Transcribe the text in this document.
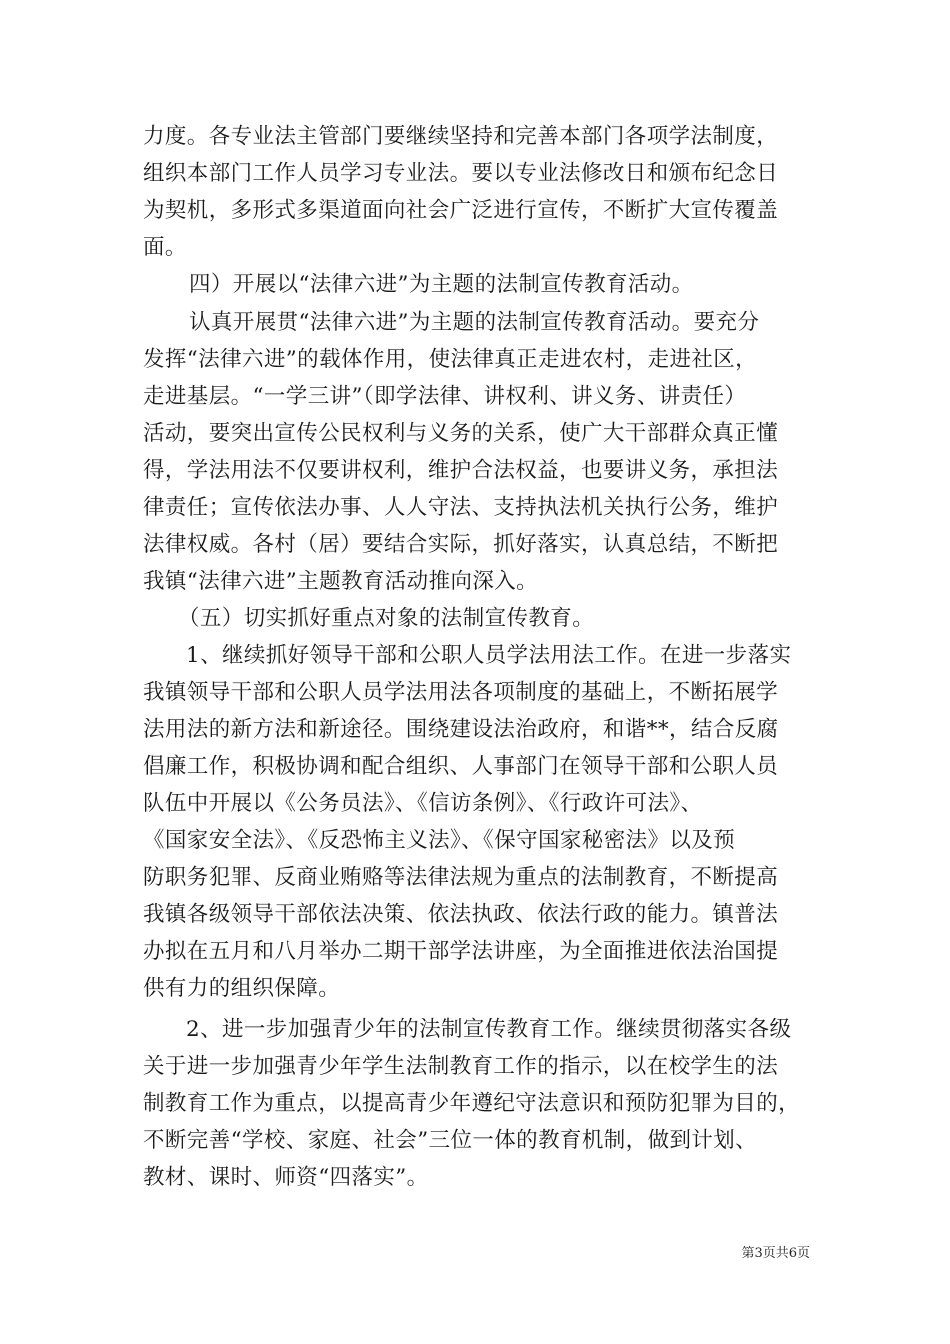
力度。各专业法主管部门要继续坚持和完善本部门各项学法制度，
组织本部门工作人员学习专业法。要以专业法修改日和颁布纪念日
为契机，多形式多渠道面向社会广泛进行宣传，不断扩大宣传覆盖
面。
四）开展以“法律六进”为主题的法制宣传教育活动。
认真开展贯“法律六进”为主题的法制宣传教育活动。要充分
发挥“法律六进”的载体作用，使法律真正走进农村，走进社区，
走进基层。“一学三讲”（即学法律、讲权利、讲义务、讲责任）
活动，要突出宣传公民权利与义务的关系，使广大干部群众真正懂
得，学法用法不仅要讲权利，维护合法权益，也要讲义务，承担法
律责任；宣传依法办事、人人守法、支持执法机关执行公务，维护
法律权威。各村（居）要结合实际，抓好落实，认真总结，不断把
我镇“法律六进”主题教育活动推向深入。
（五）切实抓好重点对象的法制宣传教育。
1、继续抓好领导干部和公职人员学法用法工作。在进一步落实
我镇领导干部和公职人员学法用法各项制度的基础上，不断拓展学
法用法的新方法和新途径。围绕建设法治政府，和谐**，结合反腐
倡廉工作，积极协调和配合组织、人事部门在领导干部和公职人员
队伍中开展以《公务员法》、《信访条例》、《行政许可法》、
《国家安全法》、《反恐怖主义法》、《保守国家秘密法》以及预
防职务犯罪、反商业贿赂等法律法规为重点的法制教育，不断提高
我镇各级领导干部依法决策、依法执政、依法行政的能力。镇普法
办拟在五月和八月举办二期干部学法讲座，为全面推进依法治国提
供有力的组织保障。
2、进一步加强青少年的法制宣传教育工作。继续贯彻落实各级
关于进一步加强青少年学生法制教育工作的指示，以在校学生的法
制教育工作为重点，以提高青少年遵纪守法意识和预防犯罪为目的，
不断完善“学校、家庭、社会”三位一体的教育机制，做到计划、
教材、课时、师资“四落实”。
第3页共6页
